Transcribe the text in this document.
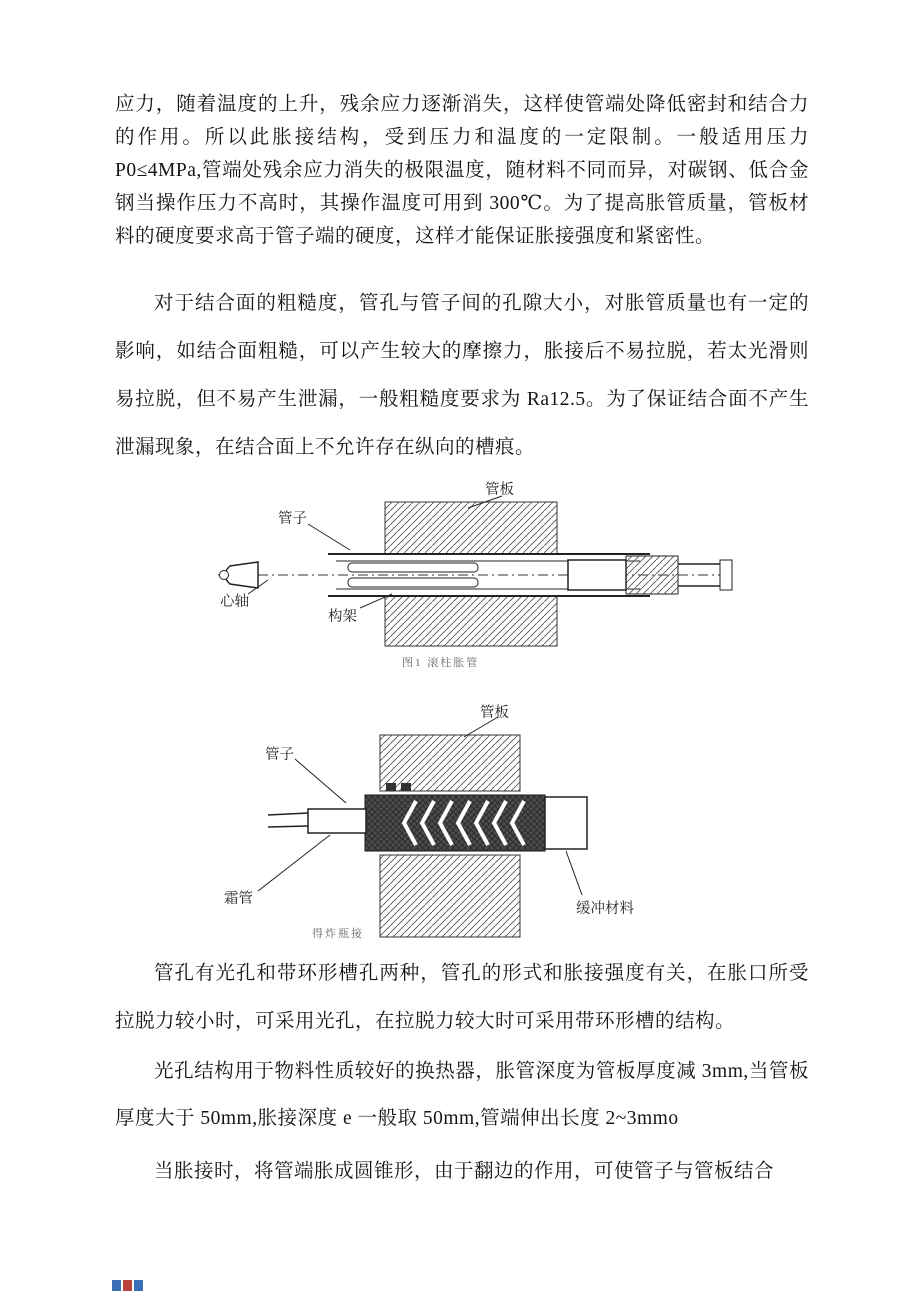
应力，随着温度的上升，残余应力逐渐消失，这样使管端处降低密封和结合力的作用。所以此胀接结构，受到压力和温度的一定限制。一般适用压力 P0≤4MPa,管端处残余应力消失的极限温度，随材料不同而异，对碳钢、低合金钢当操作压力不高时，其操作温度可用到 300℃。为了提高胀管质量，管板材料的硬度要求高于管子端的硬度，这样才能保证胀接强度和紧密性。

对于结合面的粗糙度，管孔与管子间的孔隙大小，对胀管质量也有一定的影响，如结合面粗糙，可以产生较大的摩擦力，胀接后不易拉脱，若太光滑则易拉脱，但不易产生泄漏，一般粗糙度要求为 Ra12.5。为了保证结合面不产生泄漏现象，在结合面上不允许存在纵向的槽痕。

管板
管子
心轴
构架
图1 滚柱胀管
管板
管子
霜管
缓冲材料
得炸瓶接

管孔有光孔和带环形槽孔两种，管孔的形式和胀接强度有关，在胀口所受拉脱力较小时，可采用光孔，在拉脱力较大时可采用带环形槽的结构。

光孔结构用于物料性质较好的换热器，胀管深度为管板厚度减 3mm,当管板厚度大于 50mm,胀接深度 e 一般取 50mm,管端伸出长度 2~3mmo

当胀接时，将管端胀成圆锥形，由于翻边的作用，可使管子与管板结合
